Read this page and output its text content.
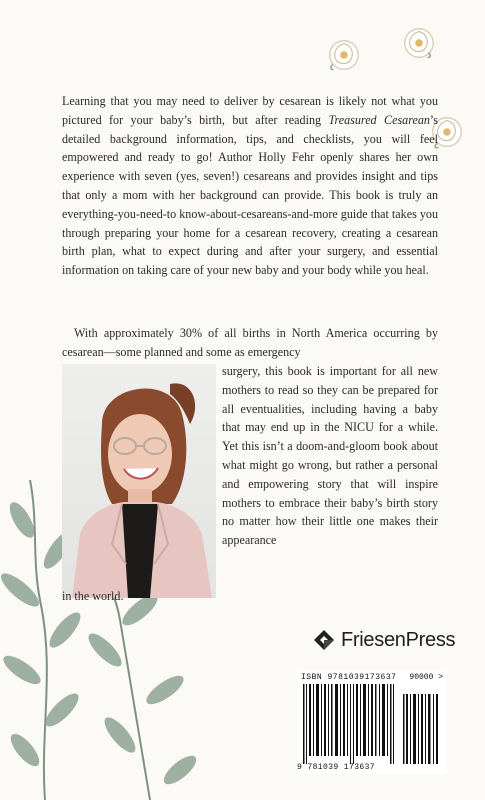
Learning that you may need to deliver by cesarean is likely not what you pictured for your baby’s birth, but after reading Treasured Cesarean’s detailed background information, tips, and checklists, you will feel empowered and ready to go! Author Holly Fehr openly shares her own experience with seven (yes, seven!) cesareans and provides insight and tips that only a mom with her background can provide. This book is truly an everything-you-need-to know-about-cesareans-and-more guide that takes you through preparing your home for a cesarean recovery, creating a cesarean birth plan, what to expect during and after your surgery, and essential information on taking care of your new baby and your body while you heal.

With approximately 30% of all births in North America occurring by cesarean—some planned and some as emergency

surgery, this book is important for all new mothers to read so they can be prepared for all eventualities, including having a baby that may end up in the NICU for a while. Yet this isn’t a doom-and-gloom book about what might go wrong, but rather a personal and empowering story that will inspire mothers to embrace their baby’s birth story no matter how their little one makes their appearance

in the world.

FriesenPress
ISBN 9781039173637 90000 >
9 781039 173637
